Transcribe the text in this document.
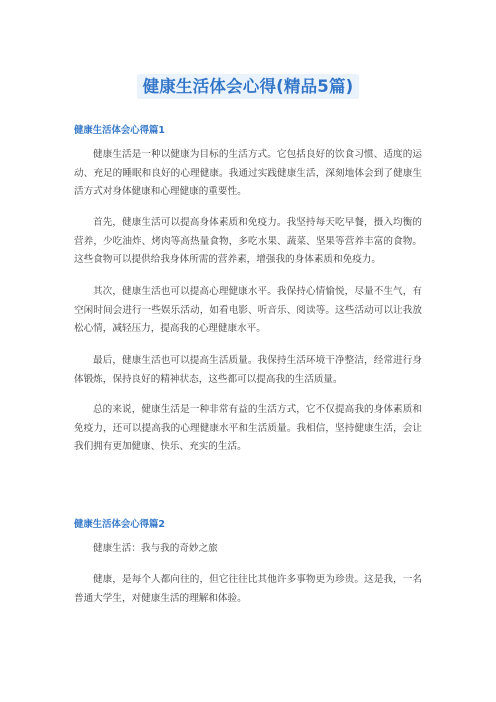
健康生活体会心得(精品5篇)
健康生活体会心得篇1

健康生活是一种以健康为目标的生活方式。它包括良好的饮食习惯、适度的运动、充足的睡眠和良好的心理健康。我通过实践健康生活，深刻地体会到了健康生活方式对身体健康和心理健康的重要性。

首先，健康生活可以提高身体素质和免疫力。我坚持每天吃早餐，摄入均衡的营养，少吃油炸、烤肉等高热量食物，多吃水果、蔬菜、坚果等营养丰富的食物。这些食物可以提供给我身体所需的营养素，增强我的身体素质和免疫力。

其次，健康生活也可以提高心理健康水平。我保持心情愉悦，尽量不生气，有空闲时间会进行一些娱乐活动，如看电影、听音乐、阅读等。这些活动可以让我放松心情，减轻压力，提高我的心理健康水平。

最后，健康生活也可以提高生活质量。我保持生活环境干净整洁，经常进行身体锻炼，保持良好的精神状态，这些都可以提高我的生活质量。

总的来说，健康生活是一种非常有益的生活方式，它不仅提高我的身体素质和免疫力，还可以提高我的心理健康水平和生活质量。我相信，坚持健康生活，会让我们拥有更加健康、快乐、充实的生活。

健康生活体会心得篇2

健康生活：我与我的奇妙之旅

健康，是每个人都向往的，但它往往比其他许多事物更为珍贵。这是我，一名普通大学生，对健康生活的理解和体验。
